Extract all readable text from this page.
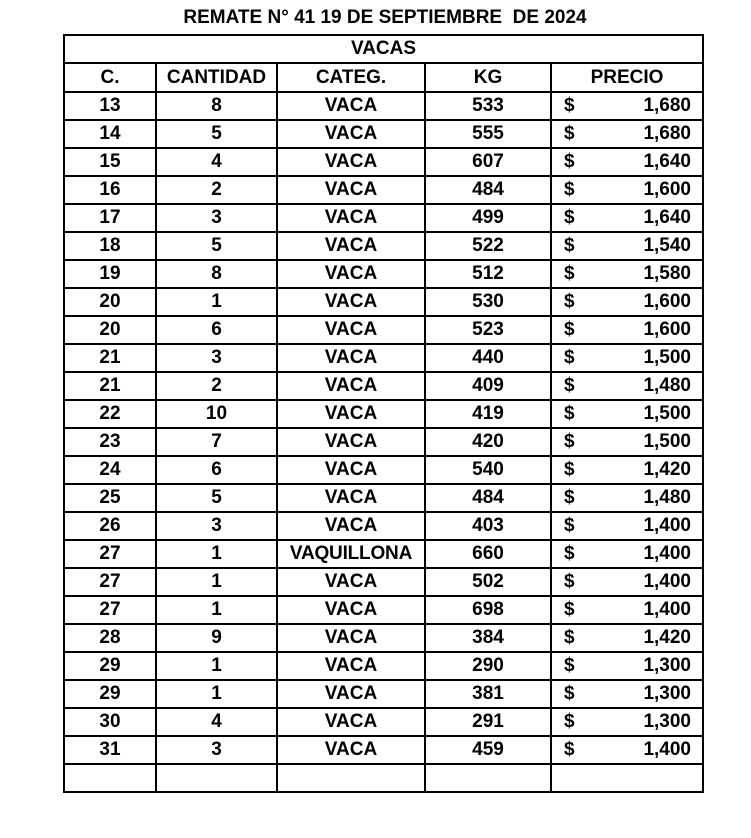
REMATE N° 41 19 DE SEPTIEMBRE  DE 2024
VACAS				
C.	CANTIDAD	CATEG.	KG	PRECIO
13	8	VACA	533	$ 1,680

14	5	VACA	555	$ 1,680

15	4	VACA	607	$ 1,640

16	2	VACA	484	$ 1,600

17	3	VACA	499	$ 1,640

18	5	VACA	522	$ 1,540

19	8	VACA	512	$ 1,580

20	1	VACA	530	$ 1,600

20	6	VACA	523	$ 1,600

21	3	VACA	440	$ 1,500

21	2	VACA	409	$ 1,480

22	10	VACA	419	$ 1,500

23	7	VACA	420	$ 1,500

24	6	VACA	540	$ 1,420

25	5	VACA	484	$ 1,480

26	3	VACA	403	$ 1,400

27	1	VAQUILLONA	660	$ 1,400

27	1	VACA	502	$ 1,400

27	1	VACA	698	$ 1,400

28	9	VACA	384	$ 1,420

29	1	VACA	290	$ 1,300

29	1	VACA	381	$ 1,300

30	4	VACA	291	$ 1,300

31	3	VACA	459	$ 1,400
